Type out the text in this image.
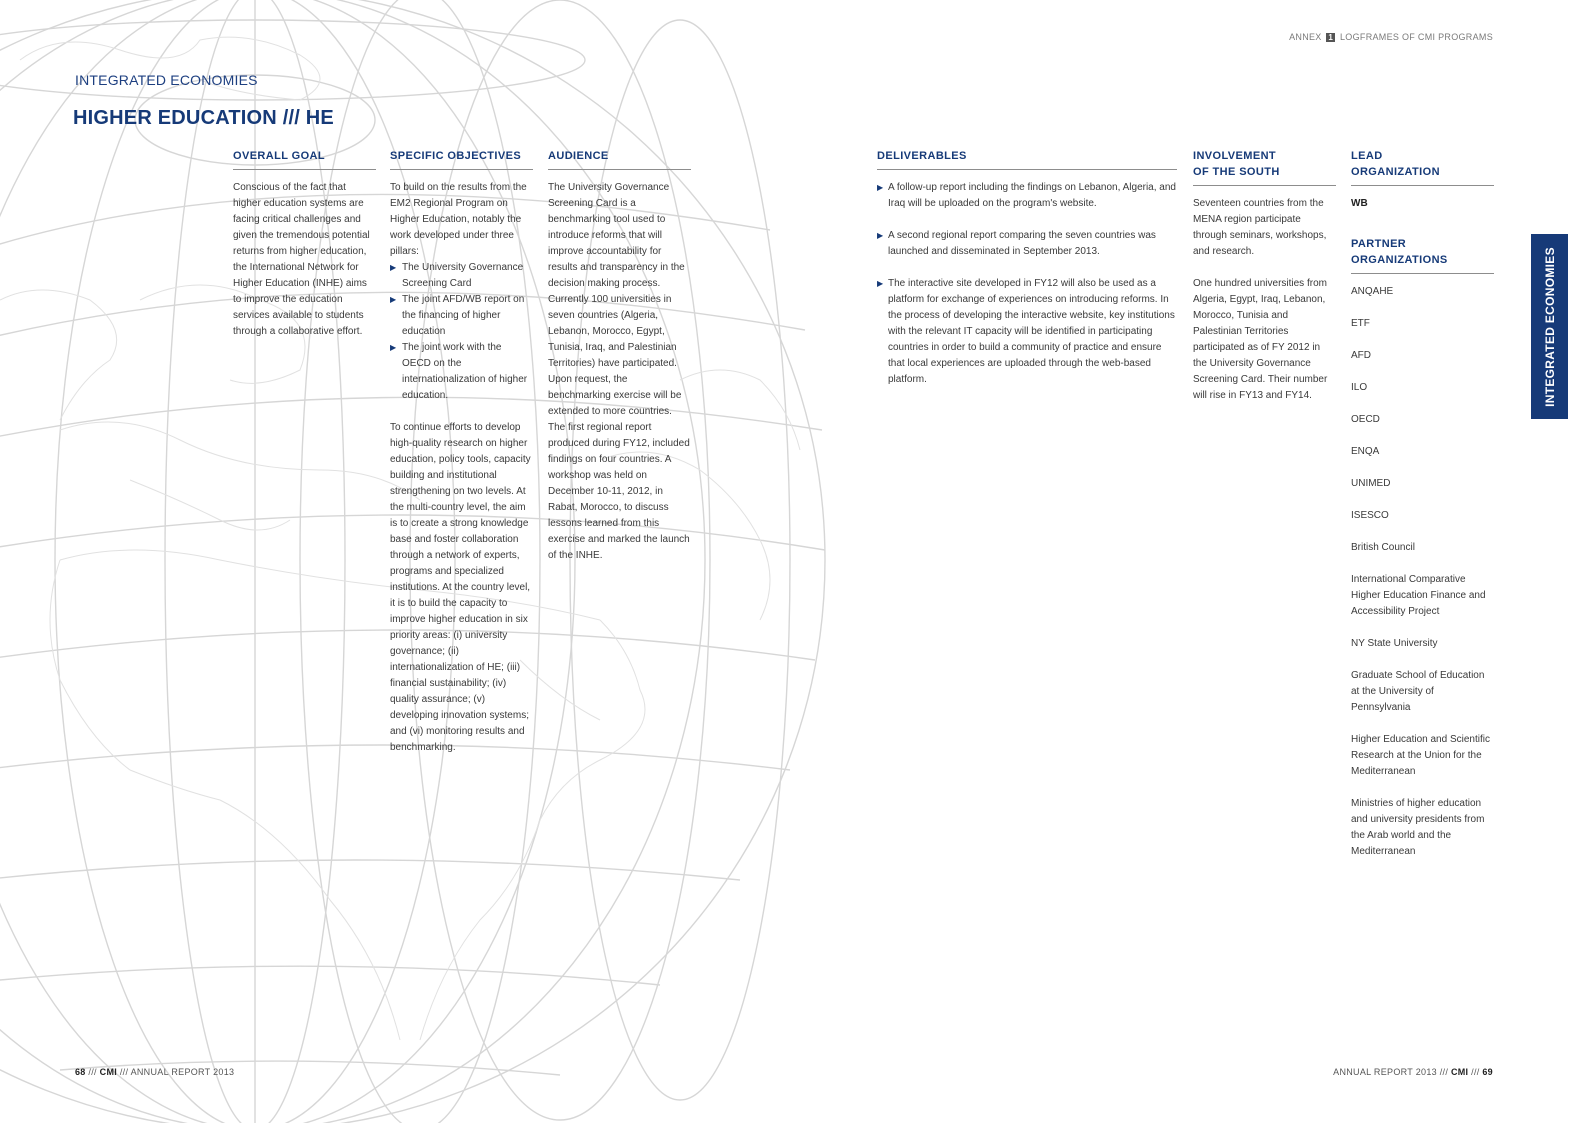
ANNEX 1 LOGFRAMES OF CMI PROGRAMS
INTEGRATED ECONOMIES
HIGHER EDUCATION /// HE
OVERALL GOAL

Conscious of the fact that higher education systems are facing critical challenges and given the tremendous potential returns from higher education, the International Network for Higher Education (INHE) aims to improve the education services available to students through a collaborative effort.

SPECIFIC OBJECTIVES

To build on the results from the EM2 Regional Program on Higher Education, notably the work developed under three pillars:

▶ The University Governance Screening Card
▶ The joint AFD/WB report on the financing of higher education
▶ The joint work with the OECD on the internationalization of higher education.

To continue efforts to develop high-quality research on higher education, policy tools, capacity building and institutional strengthening on two levels. At the multi-country level, the aim is to create a strong knowledge base and foster collaboration through a network of experts, programs and specialized institutions. At the country level, it is to build the capacity to improve higher education in six priority areas: (i) university governance; (ii) internationalization of HE; (iii) financial sustainability; (iv) quality assurance; (v) developing innovation systems; and (vi) monitoring results and benchmarking.

AUDIENCE

The University Governance Screening Card is a benchmarking tool used to introduce reforms that will improve accountability for results and transparency in the decision making process. Currently 100 universities in seven countries (Algeria, Lebanon, Morocco, Egypt, Tunisia, Iraq, and Palestinian Territories) have participated. Upon request, the benchmarking exercise will be extended to more countries. The first regional report produced during FY12, included findings on four countries. A workshop was held on December 10-11, 2012, in Rabat, Morocco, to discuss lessons learned from this exercise and marked the launch of the INHE.

DELIVERABLES
▶ A follow-up report including the findings on Lebanon, Algeria, and Iraq will be uploaded on the program's website.
▶ A second regional report comparing the seven countries was launched and disseminated in September 2013.
▶ The interactive site developed in FY12 will also be used as a platform for exchange of experiences on introducing reforms. In the process of developing the interactive website, key institutions with the relevant IT capacity will be identified in participating countries in order to build a community of practice and ensure that local experiences are uploaded through the web-based platform.
INVOLVEMENT
OF THE SOUTH

Seventeen countries from the MENA region participate through seminars, workshops, and research.

One hundred universities from Algeria, Egypt, Iraq, Lebanon, Morocco, Tunisia and Palestinian Territories participated as of FY 2012 in the University Governance Screening Card. Their number will rise in FY13 and FY14.

LEAD
ORGANIZATION
WB
PARTNER
ORGANIZATIONS
ANQAHE
ETF
AFD
ILO
OECD
ENQA
UNIMED
ISESCO
British Council
International Comparative Higher Education Finance and Accessibility Project
NY State University
Graduate School of Education at the University of Pennsylvania
Higher Education and Scientific Research at the Union for the Mediterranean
Ministries of higher education and university presidents from the Arab world and the Mediterranean
INTEGRATED ECONOMIES
68 /// CMI /// ANNUAL REPORT 2013	ANNUAL REPORT 2013 /// CMI /// 69
